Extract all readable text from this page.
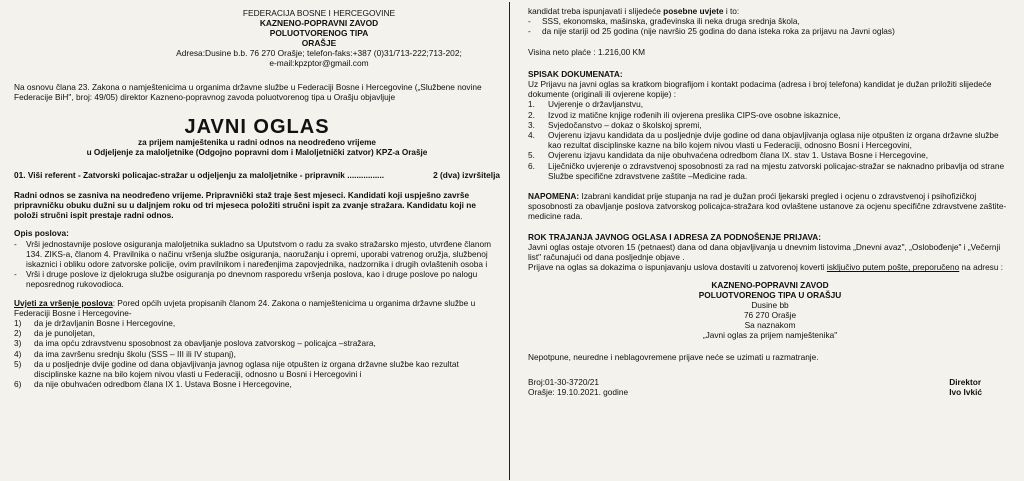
FEDERACIJA BOSNE I HERCEGOVINE
KAZNENO-POPRAVNI ZAVOD
POLUOTVORENOG TIPA
ORAŠJE
Adresa:Dusine b.b. 76 270 Orašje; telefon-faks:+387 (0)31/713-222;713-202;
e-mail:kpzptor@gmail.com

Na osnovu člana 23. Zakona o namještenicima u organima državne službe u Federaciji Bosne i Hercegovine („Službene novine Federacije BiH", broj: 49/05) direktor Kazneno-popravnog zavoda poluotvorenog tipa u Orašju objavljuje

JAVNI OGLAS
za prijem namještenika u radni odnos na neodređeno vrijeme
u Odjeljenje za maloljetnike (Odgojno popravni dom i Maloljetnički zatvor) KPZ-a Orašje
01. Viši referent - Zatvorski policajac-stražar u odjeljenju za maloljetnike - pripravnik ................	2 (dva) izvršitelja

Radni odnos se zasniva na neodređeno vrijeme. Pripravnički staž traje šest mjeseci. Kandidati koji uspješno završe pripravničku obuku dužni su u daljnjem roku od tri mjeseca položiti stručni ispit za zvanje stražara. Kandidatu koji ne položi stručni ispit prestaje radni odnos.

Opis poslova:
-	Vrši jednostavnije poslove osiguranja maloljetnika sukladno sa Uputstvom o radu za svako stražarsko mjesto, utvrđene članom 134. ZIKS-a, članom 4. Pravilnika o načinu vršenja službe osiguranja, naoružanju i opremi, uporabi vatrenog oružja, službenoj iskaznici i obliku odore zatvorske policije, ovim pravilnikom i naređenjima zapovjednika, nadzornika i drugih ovlaštenih osoba i
-	Vrši i druge poslove iz djelokruga službe osiguranja po dnevnom rasporedu vršenja poslova, kao i druge poslove po nalogu neposrednog rukovodioca.

Uvjeti za vršenje poslova: Pored općih uvjeta propisanih članom 24. Zakona o namještenicima u organima državne službe u Federaciji Bosne i Hercegovine-

1)	da je državljanin Bosne i Hercegovine,
2)	da je punoljetan,
3)	da ima opću zdravstvenu sposobnost za obavljanje poslova zatvorskog – policajca –stražara,
4)	da ima završenu srednju školu (SSS – III ili IV stupanj),
5)	da u posljednje dvije godine od dana objavljivanja javnog oglasa nije otpušten iz organa državne službe kao rezultat disciplinske kazne na bilo kojem nivou vlasti u Federaciji, odnosno u Bosni i Hercegovini i
6)	da nije obuhvaćen odredbom člana IX 1. Ustava Bosne i Hercegovine,

kandidat treba ispunjavati i slijedeće posebne uvjete i to:

-	SSS, ekonomska, mašinska, građevinska ili neka druga srednja škola,
-	da nije stariji od 25 godina (nije navršio 25 godina do dana isteka roka za prijavu na Javni oglas)

Visina neto plaće : 1.216,00 KM

SPISAK DOKUMENATA:

Uz Prijavu na javni oglas sa kratkom biografijom i kontakt podacima (adresa i broj telefona) kandidat je dužan priložiti slijedeće dokumente (originali ili ovjerene kopije) :

1.	Uvjerenje o državljanstvu,
2.	Izvod iz matične knjige rođenih ili ovjerena preslika CIPS-ove osobne iskaznice,
3.	Svjedočanstvo – dokaz o školskoj spremi,
4.	Ovjerenu izjavu kandidata da u posljednje dvije godine od dana objavljivanja oglasa nije otpušten iz organa državne službe kao rezultat disciplinske kazne na bilo kojem nivou vlasti u Federaciji, odnosno Bosni i Hercegovini,
5.	Ovjerenu izjavu kandidata da nije obuhvaćena odredbom člana IX. stav 1. Ustava Bosne i Hercegovine,
6.	Liječničko uvjerenje o zdravstvenoj sposobnosti za rad na mjestu zatvorski policajac-stražar se naknadno pribavlja od strane Službe specifične zdravstvene zaštite –Medicine rada.

NAPOMENA: Izabrani kandidat prije stupanja na rad je dužan proći ljekarski pregled i ocjenu o zdravstvenoj i psihofizičkoj sposobnosti za obavljanje poslova zatvorskog policajca-stražara kod ovlaštene ustanove za ocjenu specifične zdravstvene zaštite-medicine rada.

ROK TRAJANJA JAVNOG OGLASA I ADRESA ZA PODNOŠENJE PRIJAVA:

Javni oglas ostaje otvoren 15 (petnaest) dana od dana objavljivanja u dnevnim listovima „Dnevni avaz", „Oslobođenje" i „Večernji list" računajući od dana posljednje objave .

Prijave na oglas sa dokazima o ispunjavanju uslova dostaviti u zatvorenoj koverti isključivo putem pošte, preporučeno na adresu :

KAZNENO-POPRAVNI ZAVOD
POLUOTVORENOG TIPA U ORAŠJU
Dusine bb
76 270 Orašje
Sa naznakom
„Javni oglas za prijem namještenika"

Nepotpune, neuredne i neblagovremene prijave neće se uzimati u razmatranje.

Broj:01-30-3720/21
Orašje: 19.10.2021. godine
Direktor
Ivo Ivkić
